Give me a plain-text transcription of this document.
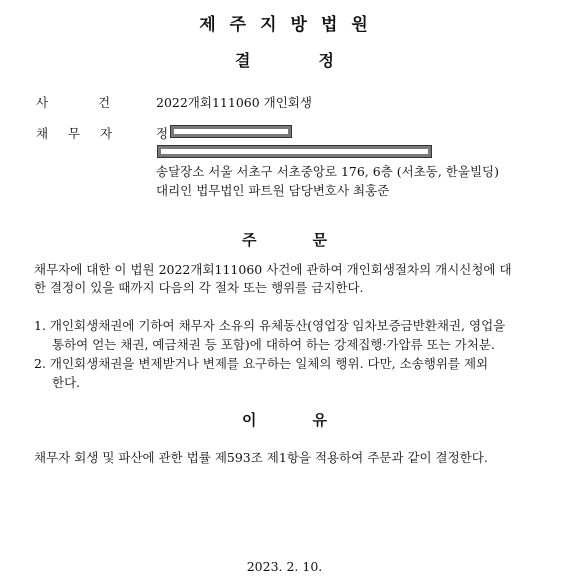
제 주 지 방 법 원
결	정
사	건	2022개회111060 개인회생
채 무 자	정
송달장소 서울 서초구 서초중앙로 176, 6층 (서초동, 한울빌딩)
대리인 법무법인 파트원 담당변호사 최홍준
주	문
채무자에 대한 이 법원 2022개회111060 사건에 관하여 개인회생절차의 개시신청에 대
한 결정이 있을 때까지 다음의 각 절차 또는 행위를 금지한다.
1. 개인회생채권에 기하여 채무자 소유의 유체동산(영업장 임차보증금반환채권, 영업을
통하여 얻는 채권, 예금채권 등 포함)에 대하여 하는 강제집행·가압류 또는 가처분.
2. 개인회생채권을 변제받거나 변제를 요구하는 일체의 행위. 다만, 소송행위를 제외
한다.
이	유
채무자 회생 및 파산에 관한 법률 제593조 제1항을 적용하여 주문과 같이 결정한다.
2023. 2. 10.
